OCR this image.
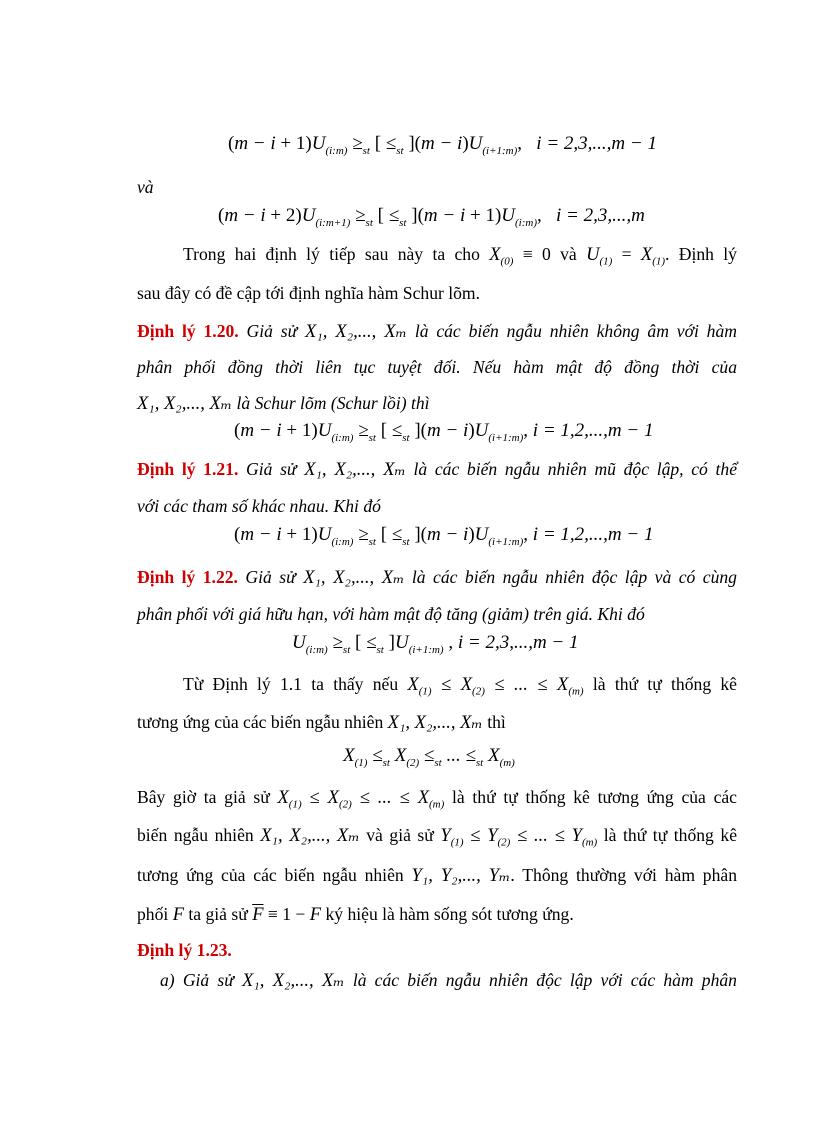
$(m - i + 1)U_{(i:m)} \ge_{st}$ [ $\le_{st}$ ]$(m - i)U_{(i+1:m)}$,   i = 2,3,...,m − 1
và
$(m - i + 2)U_{(i:m+1)} \ge_{st}$ [ $\le_{st}$ ]$(m - i + 1)U_{(i:m)}$,   i = 2,3,...,m
Trong hai định lý tiếp sau này ta cho $X_{(0)} \equiv 0$ và $U_{(1)} = X_{(1)}$. Định lý
sau đây có đề cập tới định nghĩa hàm Schur lõm.
Định lý 1.20. Giả sử X₁, X₂,..., Xₘ là các biến ngẫu nhiên không âm với hàm
phân phối đồng thời liên tục tuyệt đối. Nếu hàm mật độ đồng thời của
X₁, X₂,..., Xₘ là Schur lõm (Schur lồi) thì
$(m - i + 1)U_{(i:m)} \ge_{st}$ [ $\le_{st}$ ]$(m - i)U_{(i+1:m)}$, i = 1,2,...,m − 1
Định lý 1.21. Giả sử X₁, X₂,..., Xₘ là các biến ngẫu nhiên mũ độc lập, có thể
với các tham số khác nhau. Khi đó
$(m - i + 1)U_{(i:m)} \ge_{st}$ [ $\le_{st}$ ]$(m - i)U_{(i+1:m)}$, i = 1,2,...,m − 1
Định lý 1.22. Giả sử X₁, X₂,..., Xₘ là các biến ngẫu nhiên độc lập và có cùng
phân phối với giá hữu hạn, với hàm mật độ tăng (giảm) trên giá. Khi đó
$U_{(i:m)} \ge_{st}$ [ $\le_{st}$ ]$U_{(i+1:m)}$ , i = 2,3,...,m − 1
Từ Định lý 1.1 ta thấy nếu $X_{(1)} \le X_{(2)}$ ≤ ... ≤ $X_{(m)}$ là thứ tự thống kê
tương ứng của các biến ngẫu nhiên X₁, X₂,..., Xₘ thì
$X_{(1)} \le_{st}$ $X_{(2)} \le_{st}$ ... $\le_{st}$ $X_{(m)}$
Bây giờ ta giả sử $X_{(1)} \le X_{(2)}$ ≤ ... ≤ $X_{(m)}$ là thứ tự thống kê tương ứng của các
biến ngẫu nhiên X₁, X₂,..., Xₘ và giả sử $Y_{(1)} \le Y_{(2)}$ ≤ ... ≤ $Y_{(m)}$ là thứ tự thống kê
tương ứng của các biến ngẫu nhiên Y₁, Y₂,..., Yₘ. Thông thường với hàm phân
phối F ta giả sử $\overline{F} \equiv 1 - F$ ký hiệu là hàm sống sót tương ứng.
Định lý 1.23.
a) Giả sử X₁, X₂,..., Xₘ là các biến ngẫu nhiên độc lập với các hàm phân
